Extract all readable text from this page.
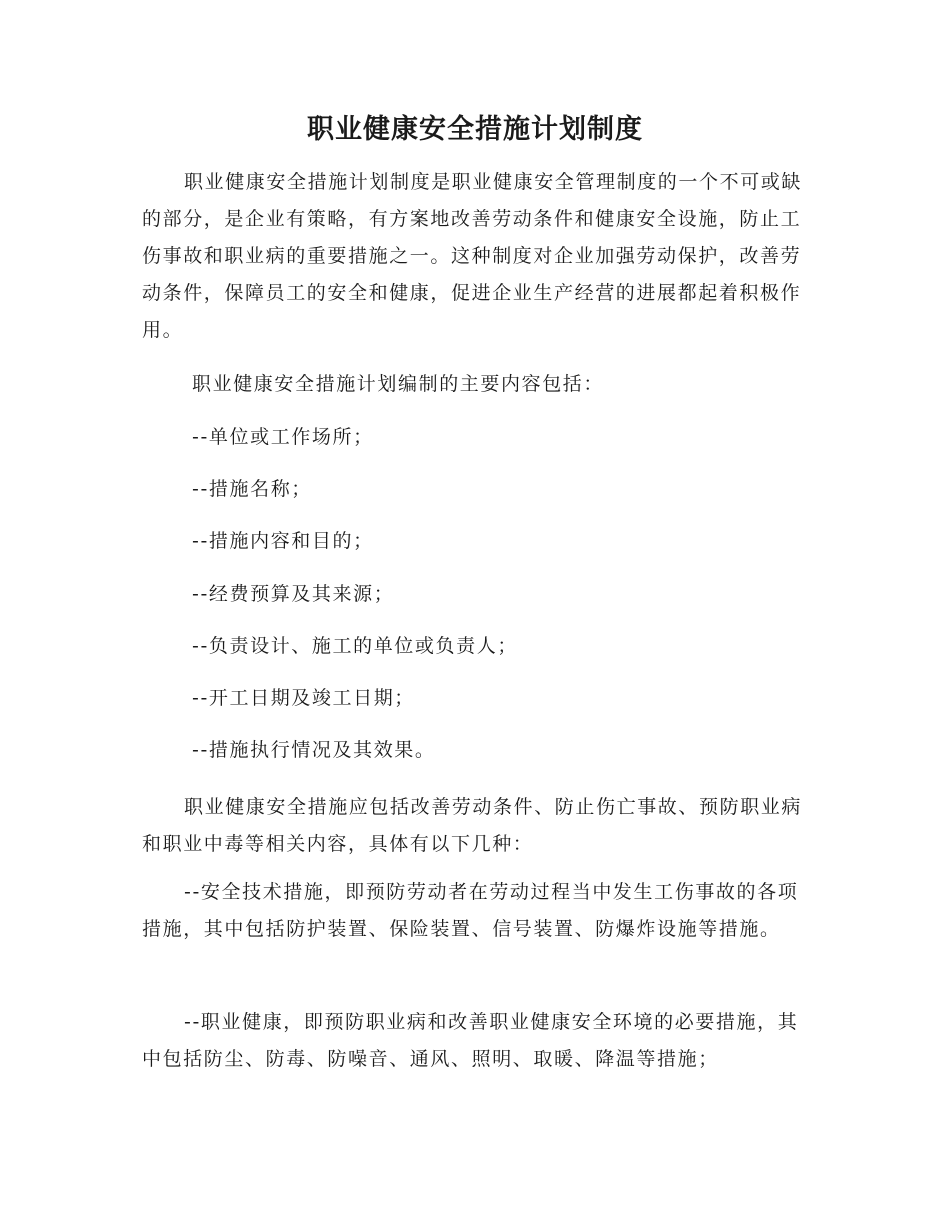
职业健康安全措施计划制度

职业健康安全措施计划制度是职业健康安全管理制度的一个不可或缺的部分，是企业有策略，有方案地改善劳动条件和健康安全设施，防止工伤事故和职业病的重要措施之一。这种制度对企业加强劳动保护，改善劳动条件，保障员工的安全和健康，促进企业生产经营的进展都起着积极作用。

职业健康安全措施计划编制的主要内容包括：

--单位或工作场所；

--措施名称；

--措施内容和目的；

--经费预算及其来源；

--负责设计、施工的单位或负责人；

--开工日期及竣工日期；

--措施执行情况及其效果。

职业健康安全措施应包括改善劳动条件、防止伤亡事故、预防职业病和职业中毒等相关内容，具体有以下几种：

--安全技术措施，即预防劳动者在劳动过程当中发生工伤事故的各项措施，其中包括防护装置、保险装置、信号装置、防爆炸设施等措施。

--职业健康，即预防职业病和改善职业健康安全环境的必要措施，其中包括防尘、防毒、防噪音、通风、照明、取暖、降温等措施；
